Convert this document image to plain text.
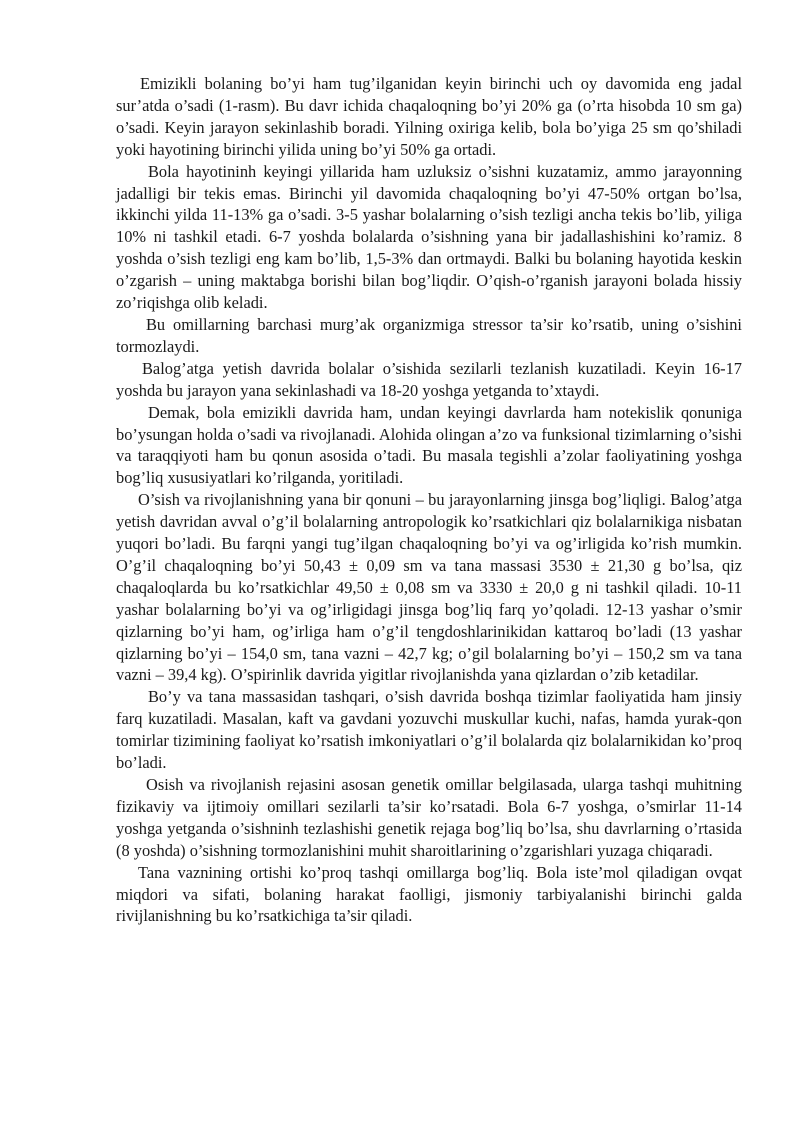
Emizikli bolaning bo’yi ham tug’ilganidan keyin birinchi uch oy davomida eng jadal sur’atda o’sadi (1-rasm). Bu davr ichida chaqaloqning bo’yi 20% ga (o’rta hisobda 10 sm ga) o’sadi. Keyin jarayon sekinlashib boradi. Yilning oxiriga kelib, bola bo’yiga 25 sm qo’shiladi yoki hayotining birinchi yilida uning bo’yi 50% ga ortadi.

Bola hayotininh keyingi yillarida ham uzluksiz o’sishni kuzatamiz, ammo jarayonning jadalligi bir tekis emas. Birinchi yil davomida chaqaloqning bo’yi 47-50% ortgan bo’lsa, ikkinchi yilda 11-13% ga o’sadi. 3-5 yashar bolalarning o’sish tezligi ancha tekis bo’lib, yiliga 10% ni tashkil etadi. 6-7 yoshda bolalarda o’sishning yana bir jadallashishini ko’ramiz. 8 yoshda o’sish tezligi eng kam bo’lib, 1,5-3% dan ortmaydi. Balki bu bolaning hayotida keskin o’zgarish – uning maktabga borishi bilan bog’liqdir. O’qish-o’rganish jarayoni bolada hissiy zo’riqishga olib keladi.

Bu omillarning barchasi murg’ak organizmiga stressor ta’sir ko’rsatib, uning o’sishini tormozlaydi.

Balog’atga yetish davrida bolalar o’sishida sezilarli tezlanish kuzatiladi. Keyin 16-17 yoshda bu jarayon yana sekinlashadi va 18-20 yoshga yetganda to’xtaydi.

Demak, bola emizikli davrida ham, undan keyingi davrlarda ham notekislik qonuniga bo’ysungan holda o’sadi va rivojlanadi. Alohida olingan a’zo va funksional tizimlarning o’sishi va taraqqiyoti ham bu qonun asosida o’tadi. Bu masala tegishli a’zolar faoliyatining yoshga bog’liq xususiyatlari ko’rilganda, yoritiladi.

O’sish va rivojlanishning yana bir qonuni – bu jarayonlarning jinsga bog’liqligi. Balog’atga yetish davridan avval o’g’il bolalarning antropologik ko’rsatkichlari qiz bolalarnikiga nisbatan yuqori bo’ladi. Bu farqni yangi tug’ilgan chaqaloqning bo’yi va og’irligida ko’rish mumkin. O’g’il chaqaloqning bo’yi 50,43 ± 0,09 sm va tana massasi 3530 ± 21,30 g bo’lsa, qiz chaqaloqlarda bu ko’rsatkichlar 49,50 ± 0,08 sm va 3330 ± 20,0 g ni tashkil qiladi. 10-11 yashar bolalarning bo’yi va og’irligidagi jinsga bog’liq farq yo’qoladi. 12-13 yashar o’smir qizlarning bo’yi ham, og’irliga ham o’g’il tengdoshlarinikidan kattaroq bo’ladi (13 yashar qizlarning bo’yi – 154,0 sm, tana vazni – 42,7 kg; o’gil bolalarning bo’yi – 150,2 sm va tana vazni – 39,4 kg). O’spirinlik davrida yigitlar rivojlanishda yana qizlardan o’zib ketadilar.

Bo’y va tana massasidan tashqari, o’sish davrida boshqa tizimlar faoliyatida ham jinsiy farq kuzatiladi. Masalan, kaft va gavdani yozuvchi muskullar kuchi, nafas, hamda yurak-qon tomirlar tizimining faoliyat ko’rsatish imkoniyatlari o’g’il bolalarda qiz bolalarnikidan ko’proq bo’ladi.

Osish va rivojlanish rejasini asosan genetik omillar belgilasada, ularga tashqi muhitning fizikaviy va ijtimoiy omillari sezilarli ta’sir ko’rsatadi. Bola 6-7 yoshga, o’smirlar 11-14 yoshga yetganda o’sishninh tezlashishi genetik rejaga bog’liq bo’lsa, shu davrlarning o’rtasida (8 yoshda) o’sishning tormozlanishini muhit sharoitlarining o’zgarishlari yuzaga chiqaradi.

Tana vaznining ortishi ko’proq tashqi omillarga bog’liq. Bola iste’mol qiladigan ovqat miqdori va sifati, bolaning harakat faolligi, jismoniy tarbiyalanishi birinchi galda rivijlanishning bu ko’rsatkichiga ta’sir qiladi.
